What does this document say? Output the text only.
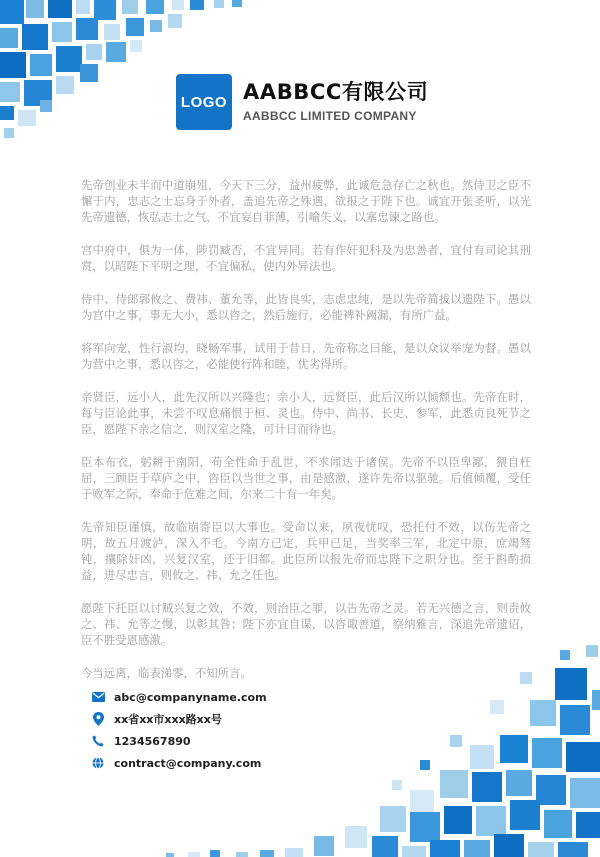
LOGO AABBCC有限公司
AABBCC LIMITED COMPANY

先帝创业未半而中道崩殂，今天下三分，益州疲弊，此诚危急存亡之秋也。然侍卫之臣不懈于内，忠志之士忘身于外者，盖追先帝之殊遇，欲报之于陛下也。诚宜开张圣听，以光先帝遗德，恢弘志士之气，不宜妄自菲薄，引喻失义，以塞忠谏之路也。

宫中府中，俱为一体，陟罚臧否，不宜异同。若有作奸犯科及为忠善者，宜付有司论其刑赏，以昭陛下平明之理，不宜偏私，使内外异法也。

侍中、侍郎郭攸之、费祎、董允等，此皆良实，志虑忠纯，是以先帝简拔以遗陛下。愚以为宫中之事，事无大小，悉以咨之，然后施行，必能裨补阙漏，有所广益。

将军向宠，性行淑均，晓畅军事，试用于昔日，先帝称之曰能，是以众议举宠为督。愚以为营中之事，悉以咨之，必能使行阵和睦，优劣得所。

亲贤臣，远小人，此先汉所以兴隆也；亲小人，远贤臣，此后汉所以倾颓也。先帝在时，每与臣论此事，未尝不叹息痛恨于桓、灵也。侍中、尚书、长史、参军，此悉贞良死节之臣，愿陛下亲之信之，则汉室之隆，可计日而待也。

臣本布衣，躬耕于南阳，苟全性命于乱世，不求闻达于诸侯。先帝不以臣卑鄙，猥自枉屈，三顾臣于草庐之中，咨臣以当世之事，由是感激，遂许先帝以驱驰。后值倾覆，受任于败军之际，奉命于危难之间，尔来二十有一年矣。

先帝知臣谨慎，故临崩寄臣以大事也。受命以来，夙夜忧叹，恐托付不效，以伤先帝之明，故五月渡泸，深入不毛。今南方已定，兵甲已足，当奖率三军，北定中原，庶竭驽钝，攘除奸凶，兴复汉室，还于旧都。此臣所以报先帝而忠陛下之职分也。至于斟酌损益，进尽忠言，则攸之、祎、允之任也。

愿陛下托臣以讨贼兴复之效，不效，则治臣之罪，以告先帝之灵。若无兴德之言，则责攸之、祎、允等之慢，以彰其咎；陛下亦宜自谋，以咨诹善道，察纳雅言，深追先帝遗诏，臣不胜受恩感激。

今当远离，临表涕零，不知所言。

abc@companyname.com
xx省xx市xxx路xx号
1234567890
contract@company.com
